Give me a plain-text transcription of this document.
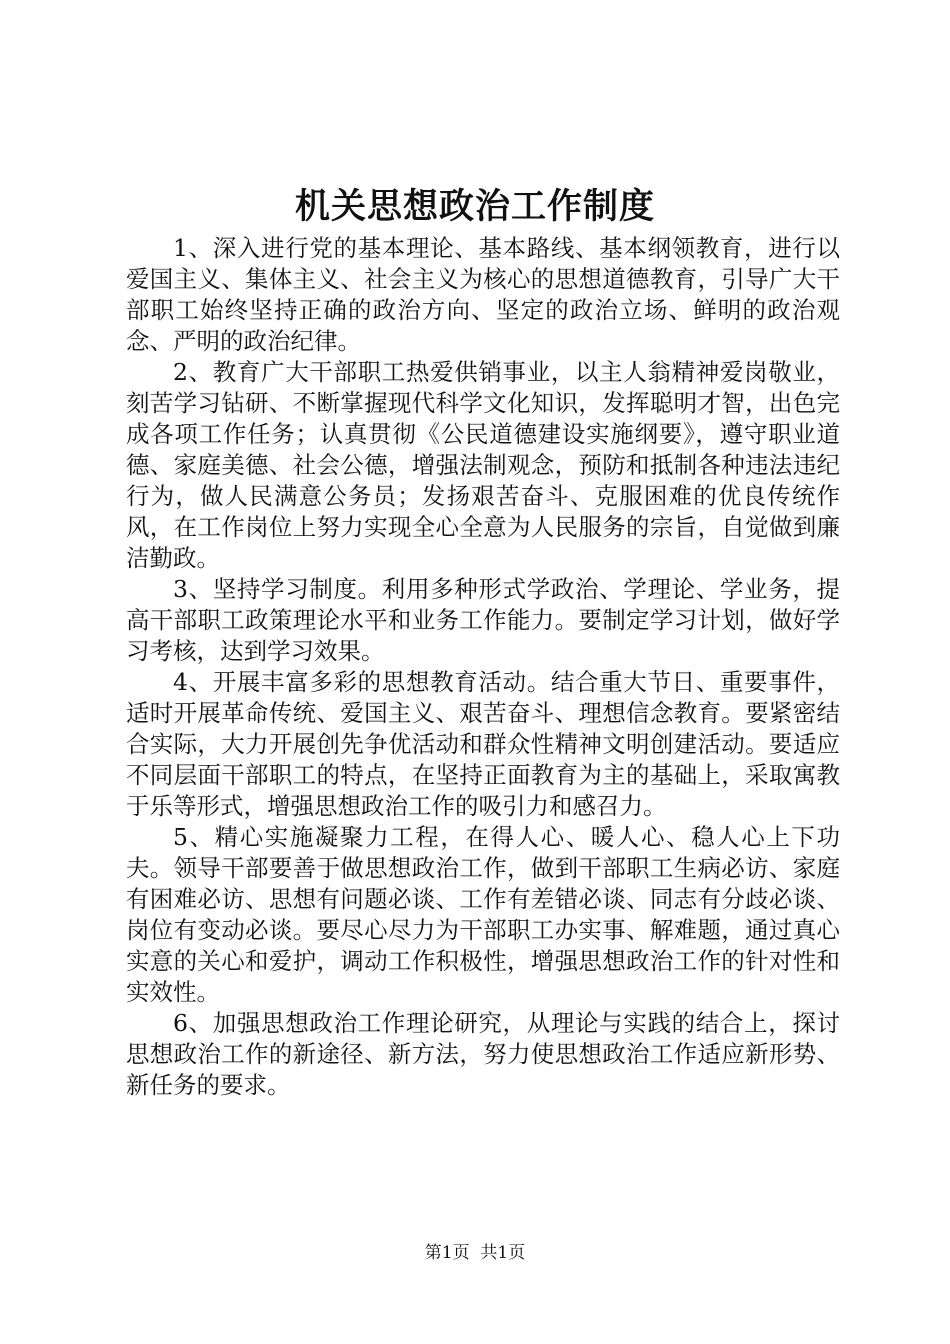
机关思想政治工作制度

1、深入进行党的基本理论、基本路线、基本纲领教育，进行以爱国主义、集体主义、社会主义为核心的思想道德教育，引导广大干部职工始终坚持正确的政治方向、坚定的政治立场、鲜明的政治观念、严明的政治纪律。

2、教育广大干部职工热爱供销事业，以主人翁精神爱岗敬业，刻苦学习钻研、不断掌握现代科学文化知识，发挥聪明才智，出色完成各项工作任务；认真贯彻《公民道德建设实施纲要》，遵守职业道德、家庭美德、社会公德，增强法制观念，预防和抵制各种违法违纪行为，做人民满意公务员；发扬艰苦奋斗、克服困难的优良传统作风，在工作岗位上努力实现全心全意为人民服务的宗旨，自觉做到廉洁勤政。

3、坚持学习制度。利用多种形式学政治、学理论、学业务，提高干部职工政策理论水平和业务工作能力。要制定学习计划，做好学习考核，达到学习效果。

4、开展丰富多彩的思想教育活动。结合重大节日、重要事件，适时开展革命传统、爱国主义、艰苦奋斗、理想信念教育。要紧密结合实际，大力开展创先争优活动和群众性精神文明创建活动。要适应不同层面干部职工的特点，在坚持正面教育为主的基础上，采取寓教于乐等形式，增强思想政治工作的吸引力和感召力。

5、精心实施凝聚力工程，在得人心、暖人心、稳人心上下功夫。领导干部要善于做思想政治工作，做到干部职工生病必访、家庭有困难必访、思想有问题必谈、工作有差错必谈、同志有分歧必谈、岗位有变动必谈。要尽心尽力为干部职工办实事、解难题，通过真心实意的关心和爱护，调动工作积极性，增强思想政治工作的针对性和实效性。

6、加强思想政治工作理论研究，从理论与实践的结合上，探讨思想政治工作的新途径、新方法，努力使思想政治工作适应新形势、新任务的要求。

第1页  共1页
